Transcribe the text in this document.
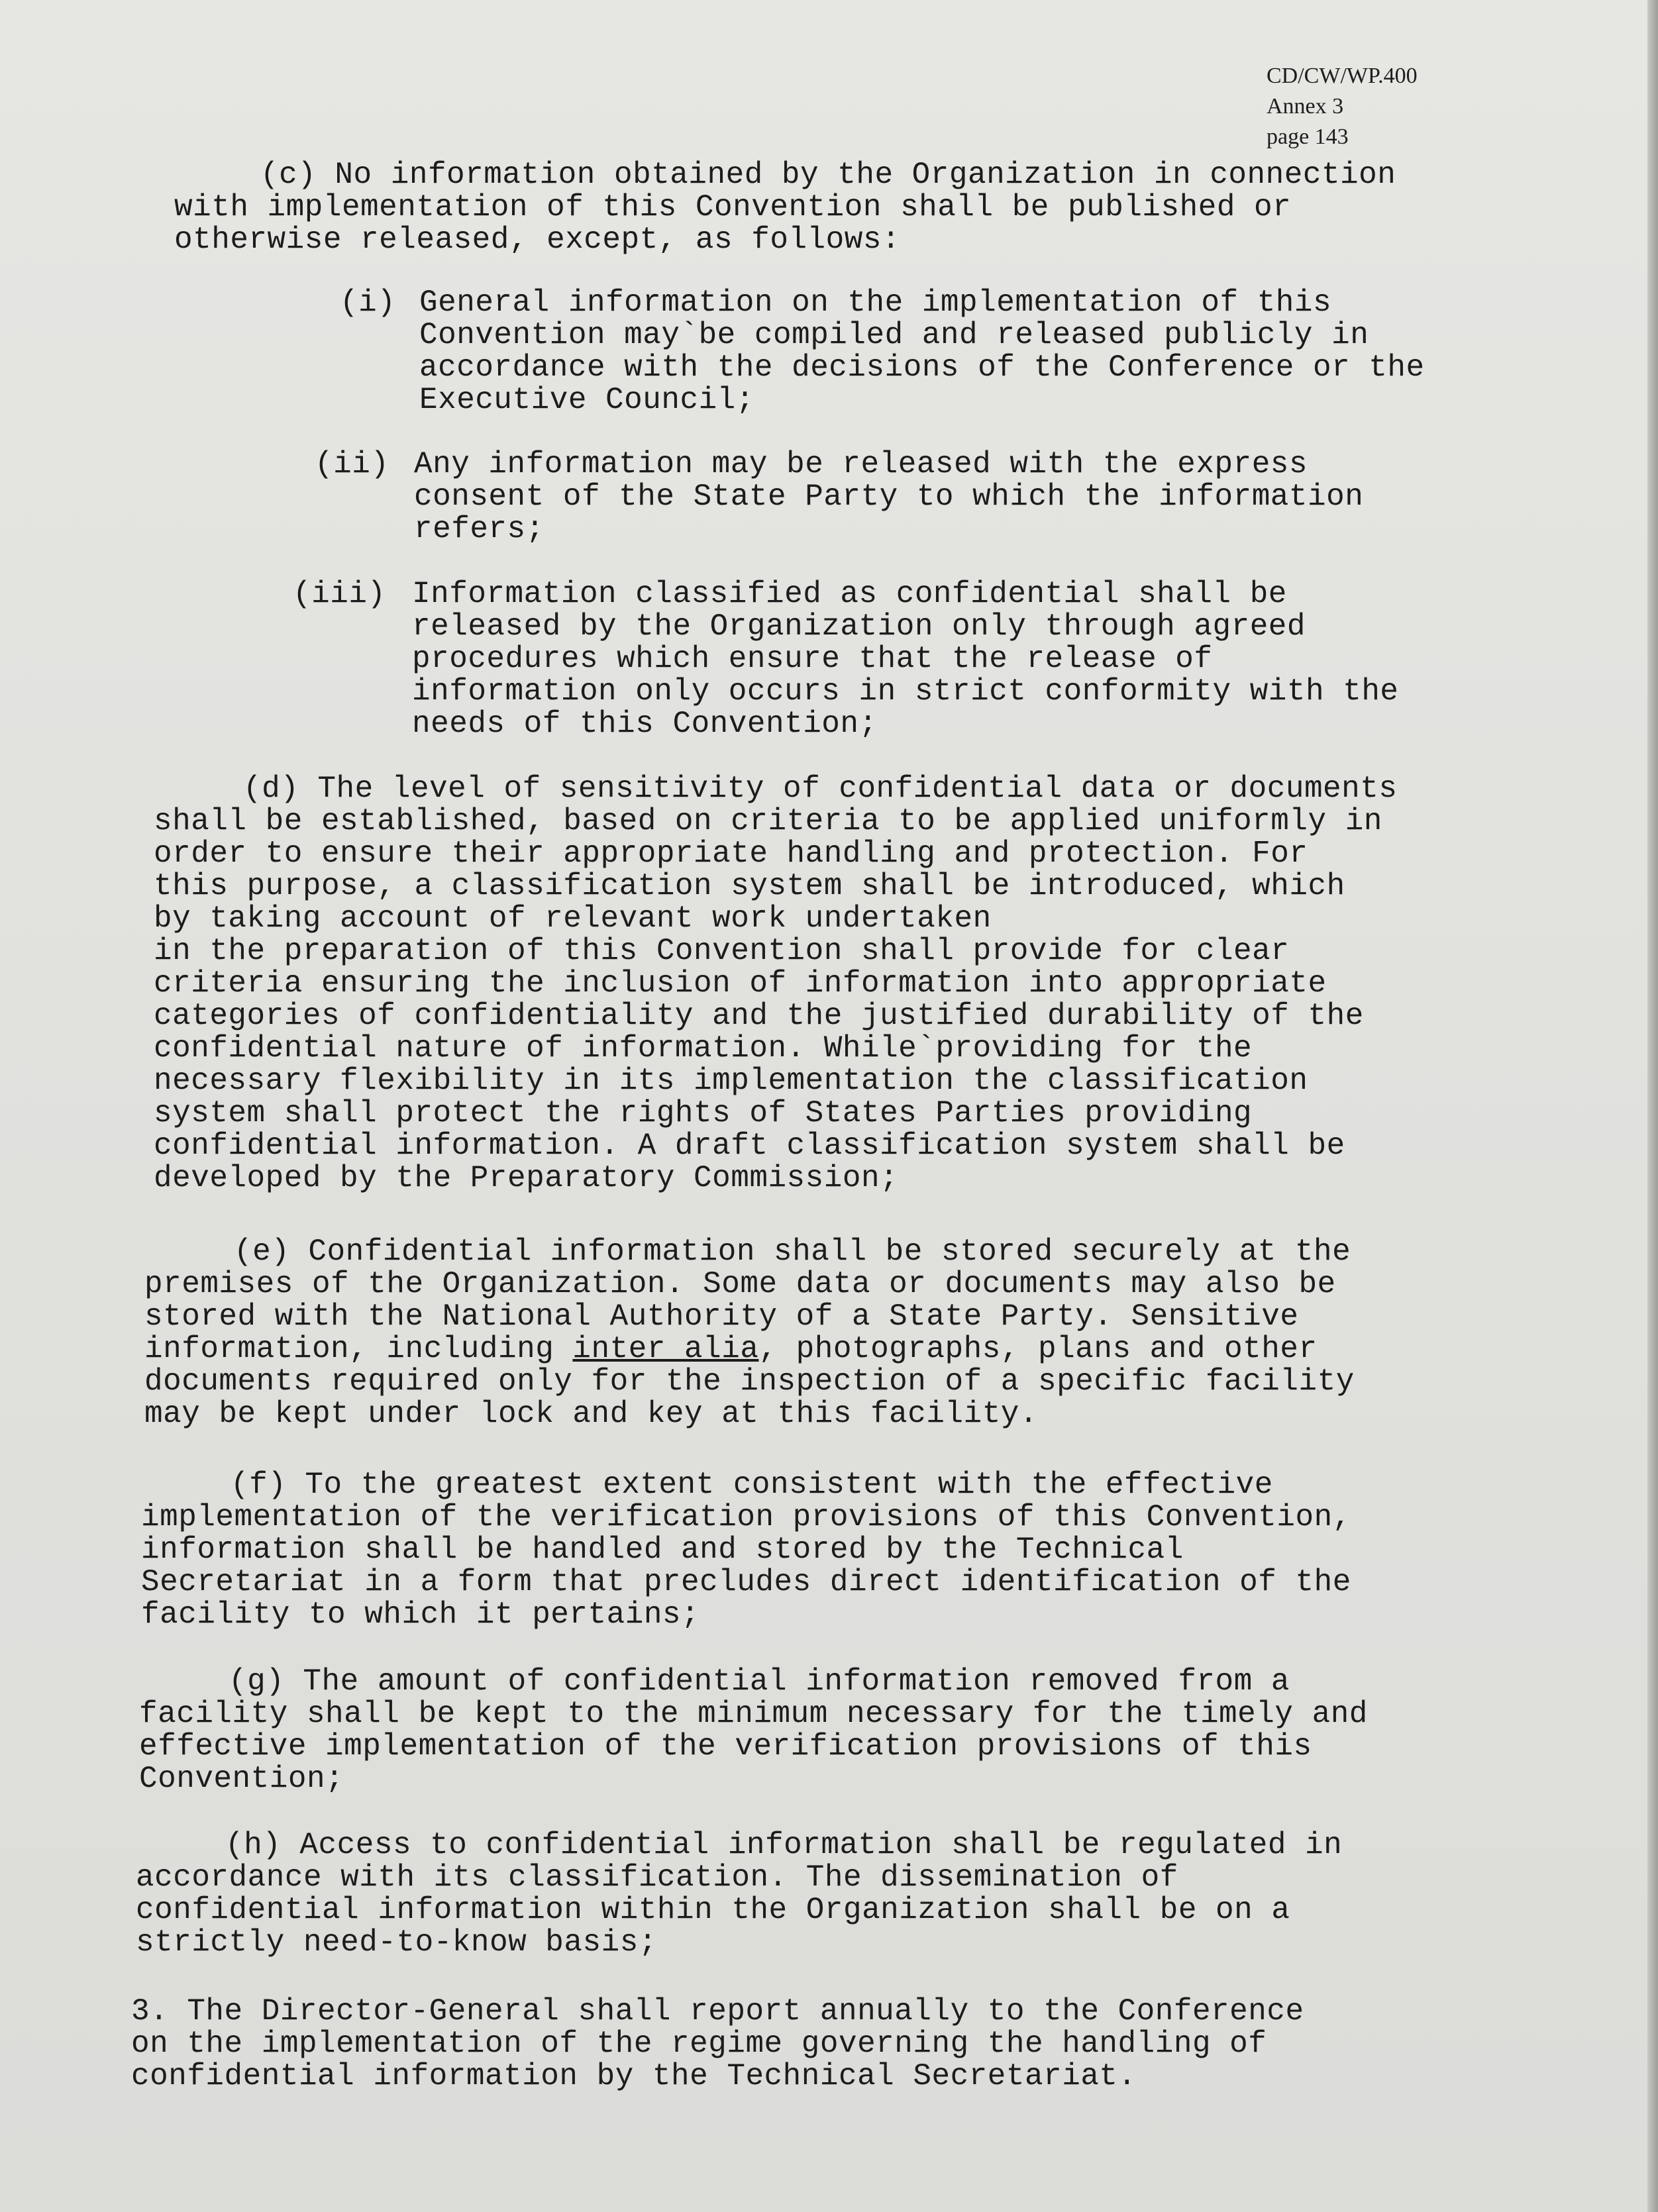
CD/CW/WP.400
Annex 3
page 143
(c) No information obtained by the Organization in connection
with implementation of this Convention shall be published or
otherwise released, except, as follows:
(i) General information on the implementation of this
Convention may`be compiled and released publicly in
accordance with the decisions of the Conference or the
Executive Council;
(ii) Any information may be released with the express
consent of the State Party to which the information
refers;
(iii) Information classified as confidential shall be
released by the Organization only through agreed
procedures which ensure that the release of
information only occurs in strict conformity with the
needs of this Convention;
(d) The level of sensitivity of confidential data or documents
shall be established, based on criteria to be applied uniformly in
order to ensure their appropriate handling and protection. For
this purpose, a classification system shall be introduced, which
by taking account of relevant work undertaken
in the preparation of this Convention shall provide for clear
criteria ensuring the inclusion of information into appropriate
categories of confidentiality and the justified durability of the
confidential nature of information. While`providing for the
necessary flexibility in its implementation the classification
system shall protect the rights of States Parties providing
confidential information. A draft classification system shall be
developed by the Preparatory Commission;
(e) Confidential information shall be stored securely at the
premises of the Organization. Some data or documents may also be
stored with the National Authority of a State Party. Sensitive
information, including inter alia, photographs, plans and other
documents required only for the inspection of a specific facility
may be kept under lock and key at this facility.
(f) To the greatest extent consistent with the effective
implementation of the verification provisions of this Convention,
information shall be handled and stored by the Technical
Secretariat in a form that precludes direct identification of the
facility to which it pertains;
(g) The amount of confidential information removed from a
facility shall be kept to the minimum necessary for the timely and
effective implementation of the verification provisions of this
Convention;
(h) Access to confidential information shall be regulated in
accordance with its classification. The dissemination of
confidential information within the Organization shall be on a
strictly need-to-know basis;
3. The Director-General shall report annually to the Conference
on the implementation of the regime governing the handling of
confidential information by the Technical Secretariat.
